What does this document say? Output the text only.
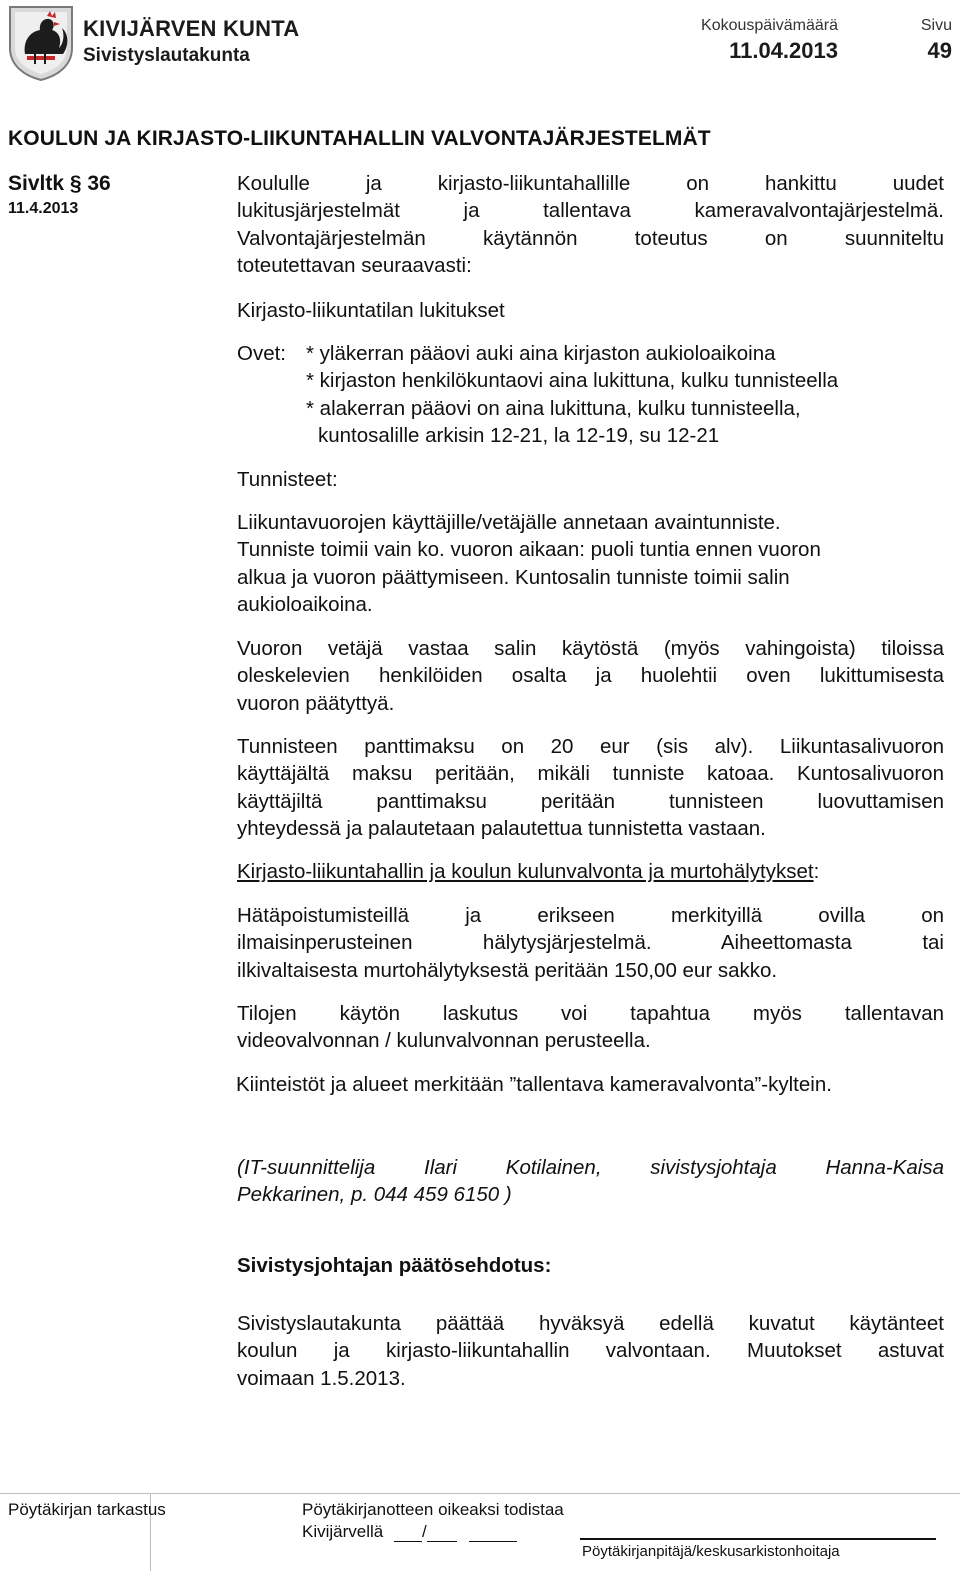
KIVIJÄRVEN KUNTA
Sivistyslautakunta
Kokouspäivämäärä
11.04.2013
Sivu
49
KOULUN JA KIRJASTO-LIIKUNTAHALLIN VALVONTAJÄRJESTELMÄT
Sivltk § 36
11.4.2013
Koululle ja kirjasto-liikuntahallille on hankittu uudet
lukitusjärjestelmät ja tallentava kameravalvontajärjestelmä.
Valvontajärjestelmän käytännön toteutus on suunniteltu
toteutettavan seuraavasti:
Kirjasto-liikuntatilan lukitukset
Ovet: * yläkerran pääovi auki aina kirjaston aukioloaikoina
* kirjaston henkilökuntaovi aina lukittuna, kulku tunnisteella
* alakerran pääovi on aina lukittuna, kulku tunnisteella,
kuntosalille arkisin 12-21, la 12-19, su 12-21
Tunnisteet:
Liikuntavuorojen käyttäjille/vetäjälle annetaan avaintunniste.
Tunniste toimii vain ko. vuoron aikaan: puoli tuntia ennen vuoron
alkua ja vuoron päättymiseen. Kuntosalin tunniste toimii salin
aukioloaikoina.
Vuoron vetäjä vastaa salin käytöstä (myös vahingoista) tiloissa
oleskelevien henkilöiden osalta ja huolehtii oven lukittumisesta
vuoron päätyttyä.
Tunnisteen panttimaksu on 20 eur (sis alv). Liikuntasalivuoron
käyttäjältä maksu peritään, mikäli tunniste katoaa. Kuntosalivuoron
käyttäjiltä panttimaksu peritään tunnisteen luovuttamisen
yhteydessä ja palautetaan palautettua tunnistetta vastaan.
Kirjasto-liikuntahallin ja koulun kulunvalvonta ja murtohälytykset:
Hätäpoistumisteillä ja erikseen merkityillä ovilla on
ilmaisinperusteinen hälytysjärjestelmä. Aiheettomasta tai
ilkivaltaisesta murtohälytyksestä peritään 150,00 eur sakko.
Tilojen käytön laskutus voi tapahtua myös tallentavan
videovalvonnan / kulunvalvonnan perusteella.
Kiinteistöt ja alueet merkitään ”tallentava kameravalvonta”-kyltein.
(IT-suunnittelija Ilari Kotilainen, sivistysjohtaja Hanna-Kaisa
Pekkarinen, p. 044 459 6150 )
Sivistysjohtajan päätösehdotus:
Sivistyslautakunta päättää hyväksyä edellä kuvatut käytänteet
koulun ja kirjasto-liikuntahallin valvontaan. Muutokset astuvat
voimaan 1.5.2013.
Pöytäkirjan tarkastus	Pöytäkirjanotteen oikeaksi todistaa
Kivijärvellä /
Pöytäkirjanpitäjä/keskusarkistonhoitaja
